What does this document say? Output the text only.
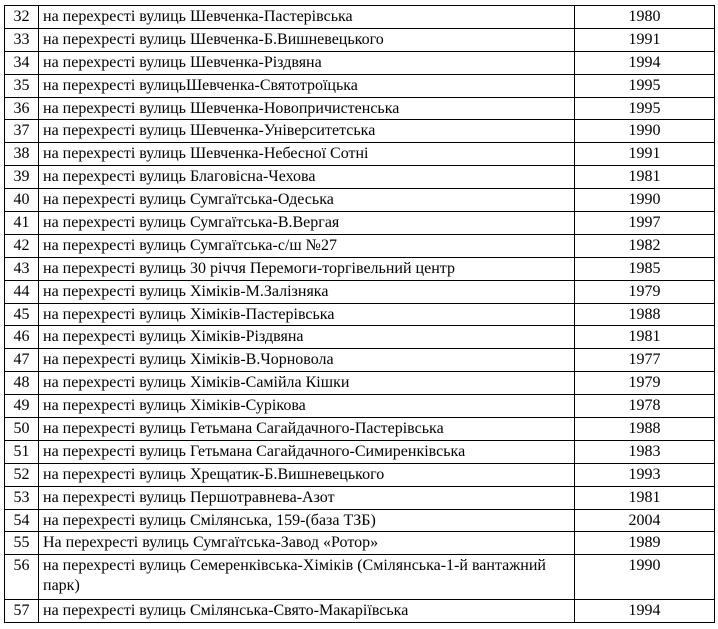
32	на перехресті вулиць Шевченка-Пастерівська	1980
33	на перехресті вулиць Шевченка-Б.Вишневецького	1991
34	на перехресті вулиць Шевченка-Різдвяна	1994
35	на перехресті вулицьШевченка-Святотроїцька	1995
36	на перехресті вулиць Шевченка-Новопричистенська	1995
37	на перехресті вулиць Шевченка-Університетська	1990
38	на перехресті вулиць Шевченка-Небесної Сотні	1991
39	на перехресті вулиць Благовісна-Чехова	1981
40	на перехресті вулиць Сумгаїтська-Одеська	1990
41	на перехресті вулиць Сумгаїтська-В.Вергая	1997
42	на перехресті вулиць Сумгаїтська-с/ш №27	1982
43	на перехресті вулиць 30 річчя Перемоги-торгівельний центр	1985
44	на перехресті вулиць Хіміків-М.Залізняка	1979
45	на перехресті вулиць Хіміків-Пастерівська	1988
46	на перехресті вулиць Хіміків-Різдвяна	1981
47	на перехресті вулиць Хіміків-В.Чорновола	1977
48	на перехресті вулиць Хіміків-Самійла Кішки	1979
49	на перехресті вулиць Хіміків-Сурікова	1978
50	на перехресті вулиць Гетьмана Сагайдачного-Пастерівська	1988
51	на перехресті вулиць Гетьмана Сагайдачного-Симиренківська	1983
52	на перехресті вулиць Хрещатик-Б.Вишневецького	1993
53	на перехресті вулиць Першотравнева-Азот	1981
54	на перехресті вулиць Смілянська, 159-(база ТЗБ)	2004
55	На перехресті вулиць Сумгаїтська-Завод «Ротор»	1989
56	на перехресті вулиць Семеренківська-Хіміків (Смілянська-1-й вантажний парк)	1990
57	на перехресті вулиць Смілянська-Свято-Макаріївська	1994
